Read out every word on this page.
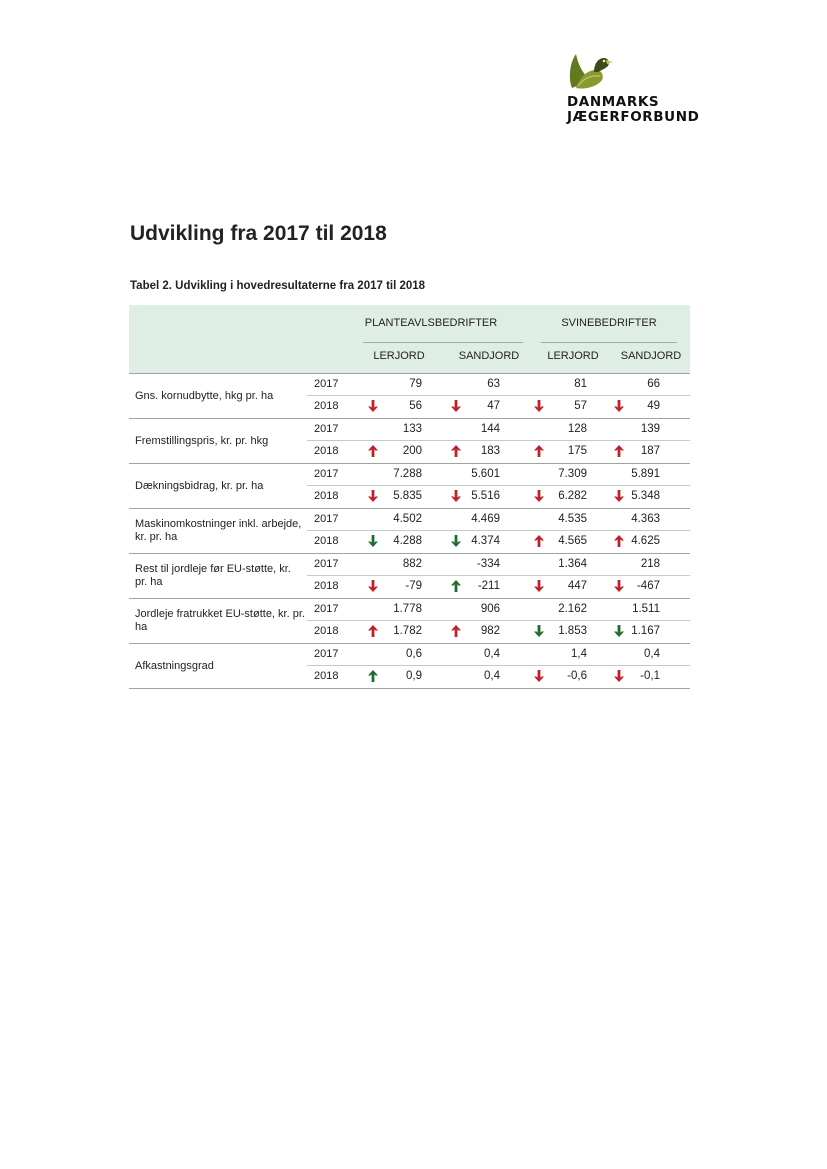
DANMARKS
JÆGERFORBUND
Udvikling fra 2017 til 2018

Tabel 2. Udvikling i hovedresultaterne fra 2017 til 2018

PLANTEAVLSBEDRIFTER	SVINEBEDRIFTER
LERJORD	SANDJORD	LERJORD	SANDJORD
Gns. kornudbytte, hkg pr. ha
2017	79	63	81	66
2018	56	47	57	49
Fremstillingspris, kr. pr. hkg
2017	133	144	128	139
2018	200	183	175	187
Dækningsbidrag, kr. pr. ha
2017	7.288	5.601	7.309	5.891
2018	5.835	5.516	6.282	5.348
Maskinomkostninger inkl. arbejde, kr. pr. ha
2017	4.502	4.469	4.535	4.363
2018	4.288	4.374	4.565	4.625
Rest til jordleje før EU-støtte, kr. pr. ha
2017	882	-334	1.364	218
2018	-79	-211	447	-467
Jordleje fratrukket EU-støtte, kr. pr. ha
2017	1.778	906	2.162	1.511
2018	1.782	982	1.853	1.167
Afkastningsgrad
2017	0,6	0,4	1,4	0,4
2018	0,9	0,4	-0,6	-0,1
